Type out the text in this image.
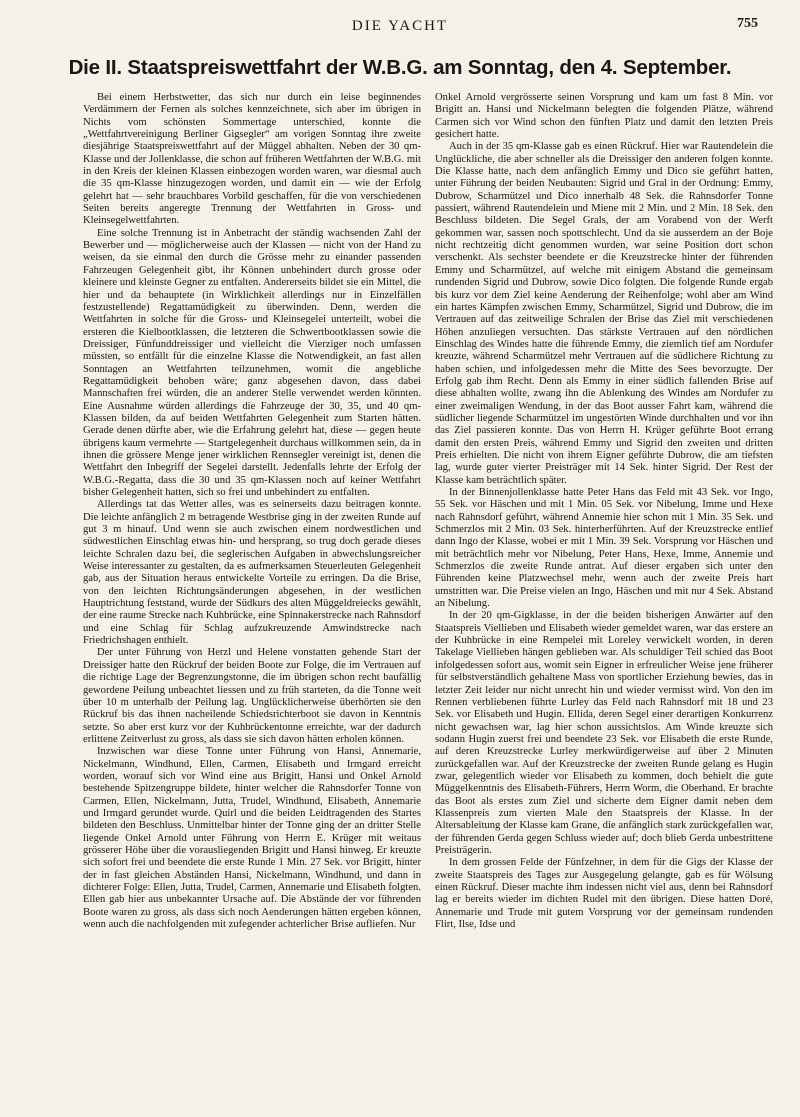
DIE YACHT	755
Die II. Staatspreiswettfahrt der W.B.G. am Sonntag, den 4. September.

Bei einem Herbstwetter, das sich nur durch ein leise beginnendes Verdämmern der Fernen als solches kennzeichnete, sich aber im übrigen in Nichts vom schönsten Sommertage unterschied, konnte die „Wettfahrtvereinigung Berliner Gigsegler“ am vorigen Sonntag ihre zweite diesjährige Staatspreiswettfahrt auf der Müggel abhalten. Neben der 30 qm-Klasse und der Jollenklasse, die schon auf früheren Wettfahrten der W.B.G. mit in den Kreis der kleinen Klassen einbezogen worden waren, war diesmal auch die 35 qm-Klasse hinzugezogen worden, und damit ein — wie der Erfolg gelehrt hat — sehr brauchbares Vorbild geschaffen, für die von verschiedenen Seiten bereits angeregte Trennung der Wettfahrten in Gross- und Kleinsegelwettfahrten.

Eine solche Trennung ist in Anbetracht der ständig wachsenden Zahl der Bewerber und — möglicherweise auch der Klassen — nicht von der Hand zu weisen, da sie einmal den durch die Grösse mehr zu einander passenden Fahrzeugen Gelegenheit gibt, ihr Können unbehindert durch grosse oder kleinere und kleinste Gegner zu entfalten. Andererseits bildet sie ein Mittel, die hier und da behauptete (in Wirklichkeit allerdings nur in Einzelfällen festzustellende) Regattamüdigkeit zu überwinden. Denn, werden die Wettfahrten in solche für die Gross- und Kleinsegelei unterteilt, wobei die ersteren die Kielbootklassen, die letzteren die Schwertbootklassen sowie die Dreissiger, Fünfunddreissiger und vielleicht die Vierziger noch umfassen müssten, so entfällt für die einzelne Klasse die Notwendigkeit, an fast allen Sonntagen an Wettfahrten teilzunehmen, womit die angebliche Regattamüdigkeit behoben wäre; ganz abgesehen davon, dass dabei Mannschaften frei würden, die an anderer Stelle verwendet werden könnten. Eine Ausnahme würden allerdings die Fahrzeuge der 30, 35, und 40 qm-Klassen bilden, da auf beiden Wettfahrten Gelegenheit zum Starten hätten. Gerade denen dürfte aber, wie die Erfahrung gelehrt hat, diese — gegen heute übrigens kaum vermehrte — Startgelegenheit durchaus willkommen sein, da in ihnen die grössere Menge jener wirklichen Rennsegler vereinigt ist, denen die Wettfahrt den Inbegriff der Segelei darstellt. Jedenfalls lehrte der Erfolg der W.B.G.-Regatta, dass die 30 und 35 qm-Klassen noch auf keiner Wettfahrt bisher Gelegenheit hatten, sich so frei und unbehindert zu entfalten.

Allerdings tat das Wetter alles, was es seinerseits dazu beitragen konnte. Die leichte anfänglich 2 m betragende Westbrise ging in der zweiten Runde auf gut 3 m hinauf. Und wenn sie auch zwischen einem nordwestlichen und südwestlichen Einschlag etwas hin- und hersprang, so trug doch gerade dieses leichte Schralen dazu bei, die seglerischen Aufgaben in abwechslungsreicher Weise interessanter zu gestalten, da es aufmerksamen Steuerleuten Gelegenheit gab, aus der Situation heraus entwickelte Vorteile zu erringen. Da die Brise, von den leichten Richtungsänderungen abgesehen, in der westlichen Hauptrichtung feststand, wurde der Südkurs des alten Müggeldreiecks gewählt, der eine raume Strecke nach Kuhbrücke, eine Spinnakerstrecke nach Rahnsdorf und eine Schlag für Schlag aufzukreuzende Amwindstrecke nach Friedrichshagen enthielt.

Der unter Führung von Herzl und Helene vonstatten gehende Start der Dreissiger hatte den Rückruf der beiden Boote zur Folge, die im Vertrauen auf die richtige Lage der Begrenzungstonne, die im übrigen schon recht baufällig gewordene Peilung unbeachtet liessen und zu früh starteten, da die Tonne weit über 10 m unterhalb der Peilung lag. Unglücklicherweise überhörten sie den Rückruf bis das ihnen nacheilende Schiedsrichterboot sie davon in Kenntnis setzte. So aber erst kurz vor der Kuhbrückentonne erreichte, war der dadurch erlittene Zeitverlust zu gross, als dass sie sich davon hätten erholen können.

Inzwischen war diese Tonne unter Führung von Hansi, Annemarie, Nickelmann, Windhund, Ellen, Carmen, Elisabeth und Irmgard erreicht worden, worauf sich vor Wind eine aus Brigitt, Hansi und Onkel Arnold bestehende Spitzengruppe bildete, hinter welcher die Rahnsdorfer Tonne von Carmen, Ellen, Nickelmann, Jutta, Trudel, Windhund, Elisabeth, Annemarie und Irmgard gerundet wurde. Quirl und die beiden Leidtragenden des Startes bildeten den Beschluss. Unmittelbar hinter der Tonne ging der an dritter Stelle liegende Onkel Arnold unter Führung von Herrn E. Krüger mit weitaus grösserer Höhe über die vorausliegenden Brigitt und Hansi hinweg. Er kreuzte sich sofort frei und beendete die erste Runde 1 Min. 27 Sek. vor Brigitt, hinter der in fast gleichen Abständen Hansi, Nickelmann, Windhund, und dann in dichterer Folge: Ellen, Jutta, Trudel, Carmen, Annemarie und Elisabeth folgten. Ellen gab hier aus unbekannter Ursache auf. Die Abstände der vor führenden Boote waren zu gross, als dass sich noch Aenderungen hätten ergeben können, wenn auch die nachfolgenden mit zufegender achterlicher Brise aufliefen. Nur

Onkel Arnold vergrösserte seinen Vorsprung und kam um fast 8 Min. vor Brigitt an. Hansi und Nickelmann belegten die folgenden Plätze, während Carmen sich vor Wind schon den fünften Platz und damit den letzten Preis gesichert hatte.

Auch in der 35 qm-Klasse gab es einen Rückruf. Hier war Rautendelein die Unglückliche, die aber schneller als die Dreissiger den anderen folgen konnte. Die Klasse hatte, nach dem anfänglich Emmy und Dico sie geführt hatten, unter Führung der beiden Neubauten: Sigrid und Gral in der Ordnung: Emmy, Dubrow, Scharmützel und Dico innerhalb 48 Sek. die Rahnsdorfer Tonne passiert, während Rautendelein und Miene mit 2 Min. und 2 Min. 18 Sek. den Beschluss bildeten. Die Segel Grals, der am Vorabend von der Werft gekommen war, sassen noch spottschlecht. Und da sie ausserdem an der Boje nicht rechtzeitig dicht genommen wurden, war seine Position dort schon verschenkt. Als sechster beendete er die Kreuzstrecke hinter der führenden Emmy und Scharmützel, auf welche mit einigem Abstand die gemeinsam rundenden Sigrid und Dubrow, sowie Dico folgten. Die folgende Runde ergab bis kurz vor dem Ziel keine Aenderung der Reihenfolge; wohl aber am Wind ein hartes Kämpfen zwischen Emmy, Scharmützel, Sigrid und Dubrow, die im Vertrauen auf das zeitweilige Schralen der Brise das Ziel mit verschiedenen Höhen anzuliegen versuchten. Das stärkste Vertrauen auf den nördlichen Einschlag des Windes hatte die führende Emmy, die ziemlich tief am Nordufer kreuzte, während Scharmützel mehr Vertrauen auf die südlichere Richtung zu haben schien, und infolgedessen mehr die Mitte des Sees bevorzugte. Der Erfolg gab ihm Recht. Denn als Emmy in einer südlich fallenden Brise auf diese abhalten wollte, zwang ihn die Ablenkung des Windes am Nordufer zu einer zweimaligen Wendung, in der das Boot ausser Fahrt kam, während die südlicher liegende Scharmützel im ungestörten Winde durchhalten und vor ihn das Ziel passieren konnte. Das von Herrn H. Krüger geführte Boot errang damit den ersten Preis, während Emmy und Sigrid den zweiten und dritten Preis erhielten. Die nicht von ihrem Eigner geführte Dubrow, die am tiefsten lag, wurde guter vierter Preisträger mit 14 Sek. hinter Sigrid. Der Rest der Klasse kam beträchtlich später.

In der Binnenjollenklasse hatte Peter Hans das Feld mit 43 Sek. vor Ingo, 55 Sek. vor Häschen und mit 1 Min. 05 Sek. vor Nibelung, Imme und Hexe nach Rahnsdorf geführt, während Annemie hier schon mit 1 Min. 35 Sek. und Schmerzlos mit 2 Min. 03 Sek. hinterherführten. Auf der Kreuzstrecke entlief dann Ingo der Klasse, wobei er mit 1 Min. 39 Sek. Vorsprung vor Häschen und mit beträchtlich mehr vor Nibelung, Peter Hans, Hexe, Imme, Annemie und Schmerzlos die zweite Runde antrat. Auf dieser ergaben sich unter den Führenden keine Platzwechsel mehr, wenn auch der zweite Preis hart umstritten war. Die Preise vielen an Ingo, Häschen und mit nur 4 Sek. Abstand an Nibelung.

In der 20 qm-Gigklasse, in der die beiden bisherigen Anwärter auf den Staatspreis Viellieben und Elisabeth wieder gemeldet waren, war das erstere an der Kuhbrücke in eine Rempelei mit Loreley verwickelt worden, in deren Takelage Viellieben hängen geblieben war. Als schuldiger Teil schied das Boot infolgedessen sofort aus, womit sein Eigner in erfreulicher Weise jene früherer für selbstverständlich gehaltene Mass von sportlicher Erziehung bewies, das in letzter Zeit leider nur nicht unrecht hin und wieder vermisst wird. Von den im Rennen verbliebenen führte Lurley das Feld nach Rahnsdorf mit 18 und 23 Sek. vor Elisabeth und Hugin. Ellida, deren Segel einer derartigen Konkurrenz nicht gewachsen war, lag hier schon aussichtslos. Am Winde kreuzte sich sodann Hugin zuerst frei und beendete 23 Sek. vor Elisabeth die erste Runde, auf deren Kreuzstrecke Lurley merkwürdigerweise auf über 2 Minuten zurückgefallen war. Auf der Kreuzstrecke der zweiten Runde gelang es Hugin zwar, gelegentlich wieder vor Elisabeth zu kommen, doch behielt die gute Müggelkenntnis des Elisabeth-Führers, Herrn Worm, die Oberhand. Er brachte das Boot als erstes zum Ziel und sicherte dem Eigner damit neben dem Klassenpreis zum vierten Male den Staatspreis der Klasse. In der Altersableitung der Klasse kam Grane, die anfänglich stark zurückgefallen war, der führenden Gerda gegen Schluss wieder auf; doch blieb Gerda unbestrittene Preisträgerin.

In dem grossen Felde der Fünfzehner, in dem für die Gigs der Klasse der zweite Staatspreis des Tages zur Ausgegelung gelangte, gab es für Wölsung einen Rückruf. Dieser machte ihm indessen nicht viel aus, denn bei Rahnsdorf lag er bereits wieder im dichten Rudel mit den übrigen. Diese hatten Doré, Annemarie und Trude mit gutem Vorsprung vor der gemeinsam rundenden Flirt, Ilse, Idse und
